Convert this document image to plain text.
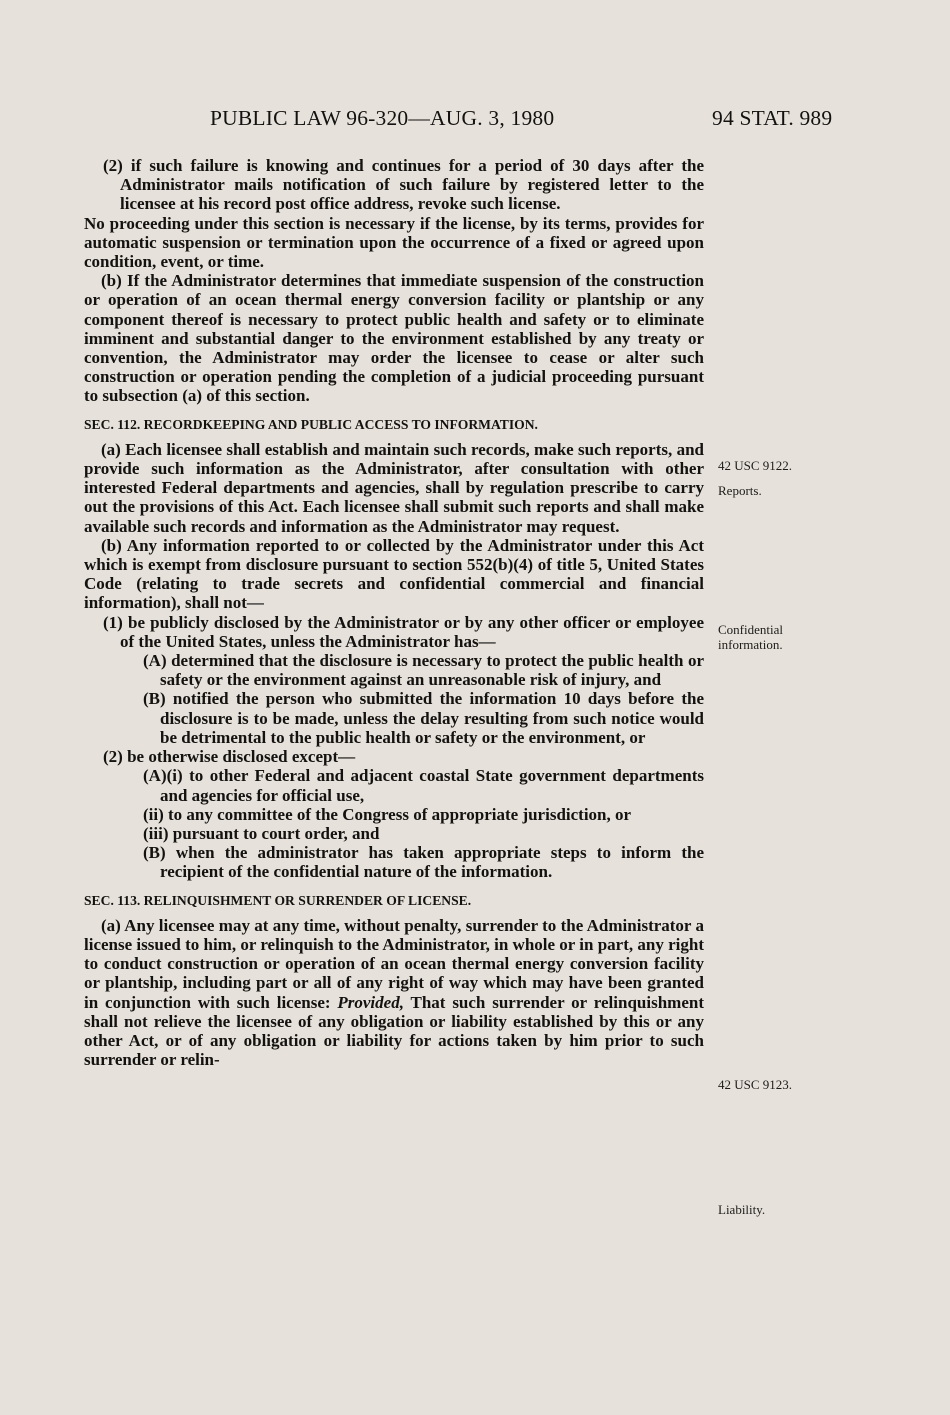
PUBLIC LAW 96-320—AUG. 3, 1980	94 STAT. 989

(2) if such failure is knowing and continues for a period of 30 days after the Administrator mails notification of such failure by registered letter to the licensee at his record post office address, revoke such license.

No proceeding under this section is necessary if the license, by its terms, provides for automatic suspension or termination upon the occurrence of a fixed or agreed upon condition, event, or time.

(b) If the Administrator determines that immediate suspension of the construction or operation of an ocean thermal energy conversion facility or plantship or any component thereof is necessary to protect public health and safety or to eliminate imminent and substantial danger to the environment established by any treaty or convention, the Administrator may order the licensee to cease or alter such construction or operation pending the completion of a judicial proceeding pursuant to subsection (a) of this section.

SEC. 112. RECORDKEEPING AND PUBLIC ACCESS TO INFORMATION.

(a) Each licensee shall establish and maintain such records, make such reports, and provide such information as the Administrator, after consultation with other interested Federal departments and agencies, shall by regulation prescribe to carry out the provisions of this Act. Each licensee shall submit such reports and shall make available such records and information as the Administrator may request.

(b) Any information reported to or collected by the Administrator under this Act which is exempt from disclosure pursuant to section 552(b)(4) of title 5, United States Code (relating to trade secrets and confidential commercial and financial information), shall not—

(1) be publicly disclosed by the Administrator or by any other officer or employee of the United States, unless the Administrator has—

(A) determined that the disclosure is necessary to protect the public health or safety or the environment against an unreasonable risk of injury, and

(B) notified the person who submitted the information 10 days before the disclosure is to be made, unless the delay resulting from such notice would be detrimental to the public health or safety or the environment, or

(2) be otherwise disclosed except—

(A)(i) to other Federal and adjacent coastal State government departments and agencies for official use,

(ii) to any committee of the Congress of appropriate jurisdiction, or

(iii) pursuant to court order, and

(B) when the administrator has taken appropriate steps to inform the recipient of the confidential nature of the information.

SEC. 113. RELINQUISHMENT OR SURRENDER OF LICENSE.

(a) Any licensee may at any time, without penalty, surrender to the Administrator a license issued to him, or relinquish to the Administrator, in whole or in part, any right to conduct construction or operation of an ocean thermal energy conversion facility or plantship, including part or all of any right of way which may have been granted in conjunction with such license: Provided, That such surrender or relinquishment shall not relieve the licensee of any obligation or liability established by this or any other Act, or of any obligation or liability for actions taken by him prior to such surrender or relin-

42 USC 9122.
Reports.
Confidential information.
42 USC 9123.
Liability.
